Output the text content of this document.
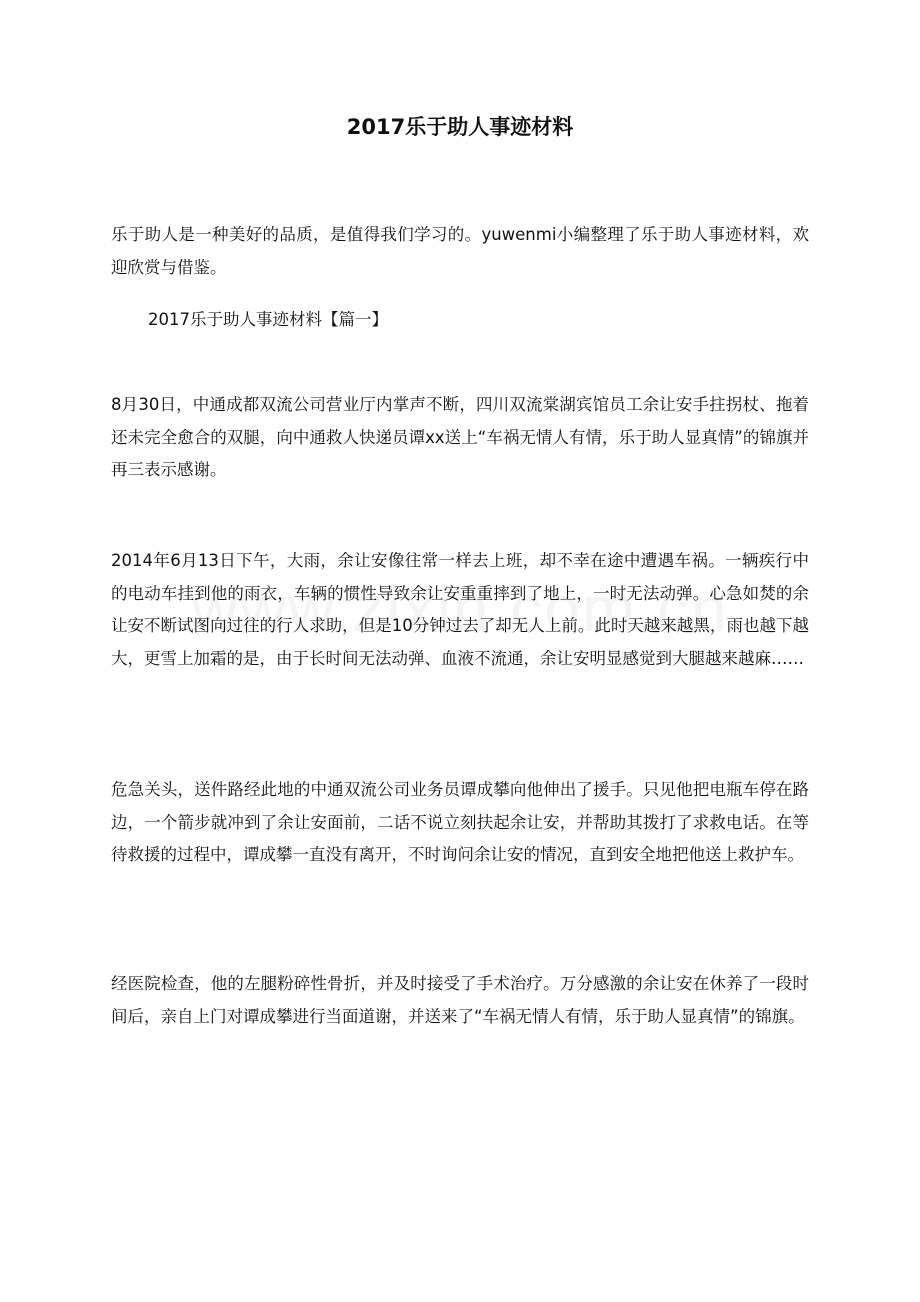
2017乐于助人事迹材料

乐于助人是一种美好的品质，是值得我们学习的。yuwenmi小编整理了乐于助人事迹材料，欢迎欣赏与借鉴。

2017乐于助人事迹材料【篇一】

8月30日，中通成都双流公司营业厅内掌声不断，四川双流棠湖宾馆员工余让安手拄拐杖、拖着还未完全愈合的双腿，向中通救人快递员谭xx送上“车祸无情人有情，乐于助人显真情”的锦旗并再三表示感谢。

2014年6月13日下午，大雨，余让安像往常一样去上班，却不幸在途中遭遇车祸。一辆疾行中的电动车挂到他的雨衣，车辆的惯性导致余让安重重摔到了地上，一时无法动弹。心急如焚的余让安不断试图向过往的行人求助，但是10分钟过去了却无人上前。此时天越来越黑，雨也越下越大，更雪上加霜的是，由于长时间无法动弹、血液不流通，余让安明显感觉到大腿越来越麻……

危急关头，送件路经此地的中通双流公司业务员谭成攀向他伸出了援手。只见他把电瓶车停在路边，一个箭步就冲到了余让安面前，二话不说立刻扶起余让安，并帮助其拨打了求救电话。在等待救援的过程中，谭成攀一直没有离开，不时询问余让安的情况，直到安全地把他送上救护车。

经医院检查，他的左腿粉碎性骨折，并及时接受了手术治疗。万分感激的余让安在休养了一段时间后，亲自上门对谭成攀进行当面道谢，并送来了“车祸无情人有情，乐于助人显真情”的锦旗。
